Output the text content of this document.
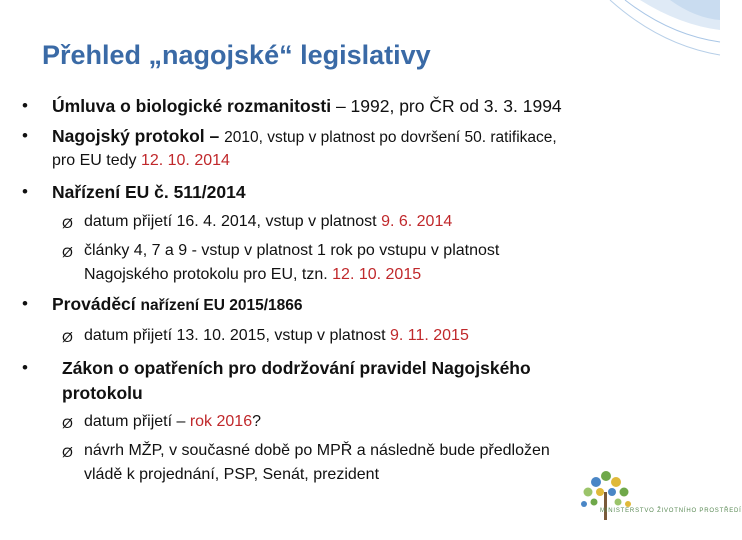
Přehled „nagojské“ legislativy
• Úmluva o biologické rozmanitosti – 1992, pro ČR od 3. 3. 1994
• Nagojský protokol – 2010, vstup v platnost po dovršení 50. ratifikace,
pro EU tedy 12. 10. 2014
• Nařízení EU č. 511/2014
Ø datum přijetí 16. 4. 2014, vstup v platnost 9. 6. 2014
Ø články 4, 7 a 9 - vstup v platnost 1 rok po vstupu v platnost
Nagojského protokolu pro EU, tzn. 12. 10. 2015
• Prováděcí nařízení EU 2015/1866
Ø datum přijetí 13. 10. 2015, vstup v platnost 9. 11. 2015
• Zákon o opatřeních pro dodržování pravidel Nagojského
protokolu
Ø datum přijetí – rok 2016?
Ø návrh MŽP, v současné době po MPŘ a následně bude předložen
vládě k projednání, PSP, Senát, prezident
MINISTERSTVO ŽIVOTNÍHO PROSTŘEDÍ
